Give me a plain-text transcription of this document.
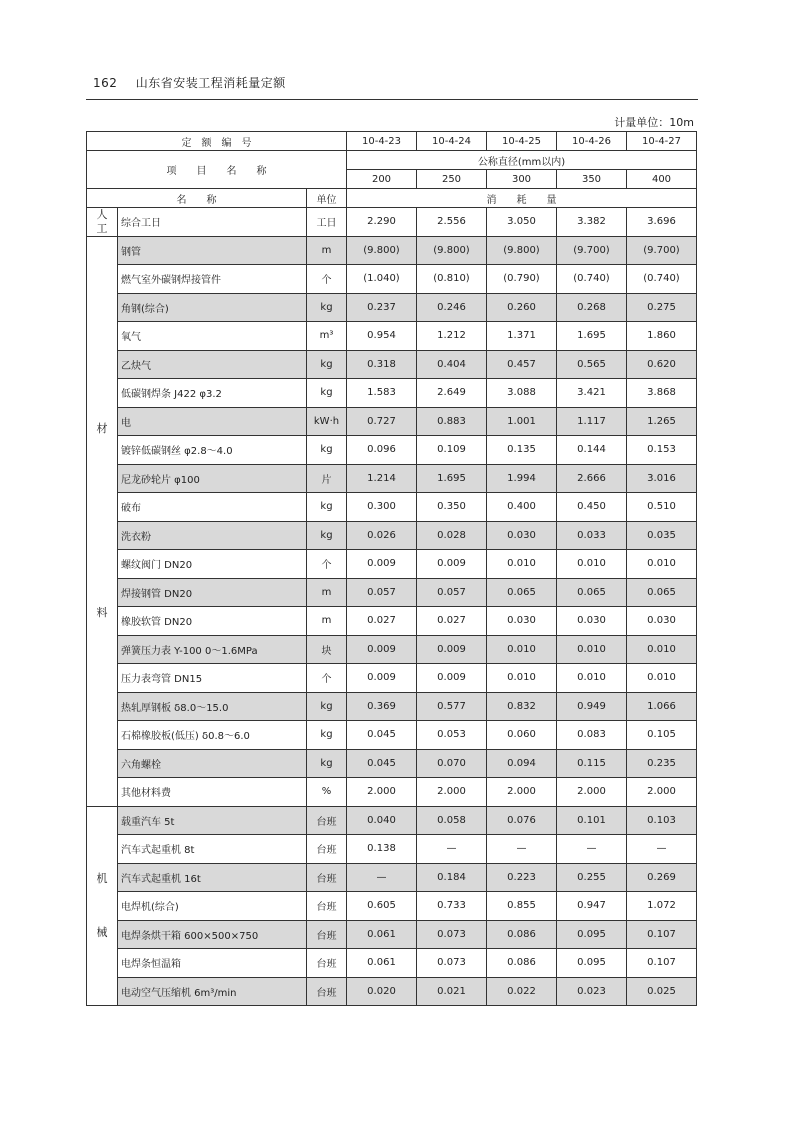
162 山东省安装工程消耗量定额
计量单位：10m
定　额　编　号			10-4-23	10-4-24	10-4-25	10-4-26	10-4-27
项　　目　　名　　称			公称直径(mm以内)				
			200	250	300	350	400
名　　称		单位	消　　耗　　量				
人工	综合工日	工日	2.290	2.556	3.050	3.382	3.696

材
料	钢管	m	(9.800)	(9.800)	(9.800)	(9.700)	(9.700)
	燃气室外碳钢焊接管件	个	(1.040)	(0.810)	(0.790)	(0.740)	(0.740)
	角钢(综合)	kg	0.237	0.246	0.260	0.268	0.275
	氧气	m³	0.954	1.212	1.371	1.695	1.860
	乙炔气	kg	0.318	0.404	0.457	0.565	0.620
	低碳钢焊条 J422 φ3.2	kg	1.583	2.649	3.088	3.421	3.868
	电	kW·h	0.727	0.883	1.001	1.117	1.265
	镀锌低碳钢丝 φ2.8～4.0	kg	0.096	0.109	0.135	0.144	0.153
	尼龙砂轮片 φ100	片	1.214	1.695	1.994	2.666	3.016
	破布	kg	0.300	0.350	0.400	0.450	0.510
	洗衣粉	kg	0.026	0.028	0.030	0.033	0.035
	螺纹阀门 DN20	个	0.009	0.009	0.010	0.010	0.010
	焊接钢管 DN20	m	0.057	0.057	0.065	0.065	0.065
	橡胶软管 DN20	m	0.027	0.027	0.030	0.030	0.030
	弹簧压力表 Y-100 0～1.6MPa	块	0.009	0.009	0.010	0.010	0.010
	压力表弯管 DN15	个	0.009	0.009	0.010	0.010	0.010
	热轧厚钢板 δ8.0～15.0	kg	0.369	0.577	0.832	0.949	1.066
	石棉橡胶板(低压) δ0.8～6.0	kg	0.045	0.053	0.060	0.083	0.105
	六角螺栓	kg	0.045	0.070	0.094	0.115	0.235
	其他材料费	%	2.000	2.000	2.000	2.000	2.000

机
械	载重汽车 5t	台班	0.040	0.058	0.076	0.101	0.103
	汽车式起重机 8t	台班	0.138	—	—	—	—
	汽车式起重机 16t	台班	—	0.184	0.223	0.255	0.269
	电焊机(综合)	台班	0.605	0.733	0.855	0.947	1.072
	电焊条烘干箱 600×500×750	台班	0.061	0.073	0.086	0.095	0.107
	电焊条恒温箱	台班	0.061	0.073	0.086	0.095	0.107
	电动空气压缩机 6m³/min	台班	0.020	0.021	0.022	0.023	0.025
